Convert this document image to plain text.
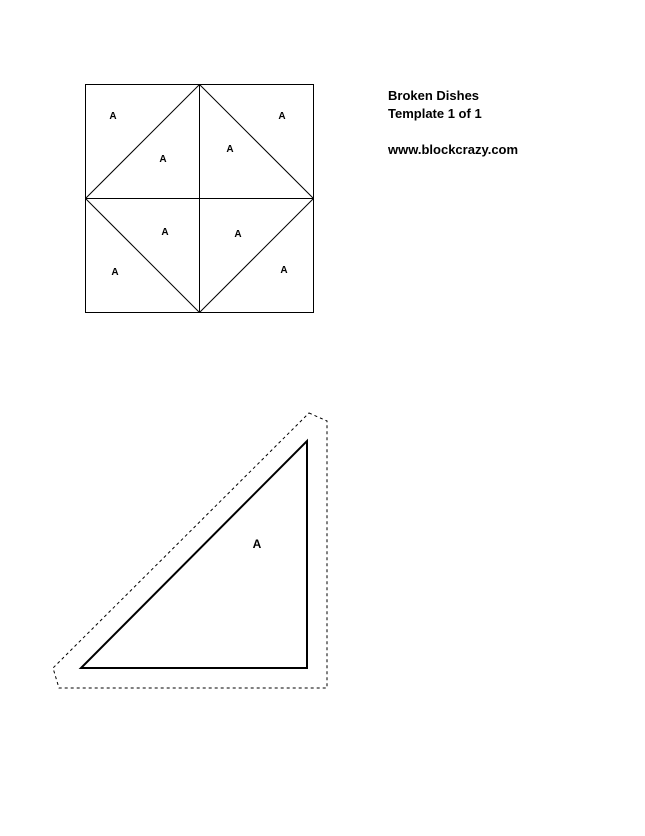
A
A
A
A
A	A
A	A
A
Broken Dishes
Template 1 of 1
www.blockcrazy.com
